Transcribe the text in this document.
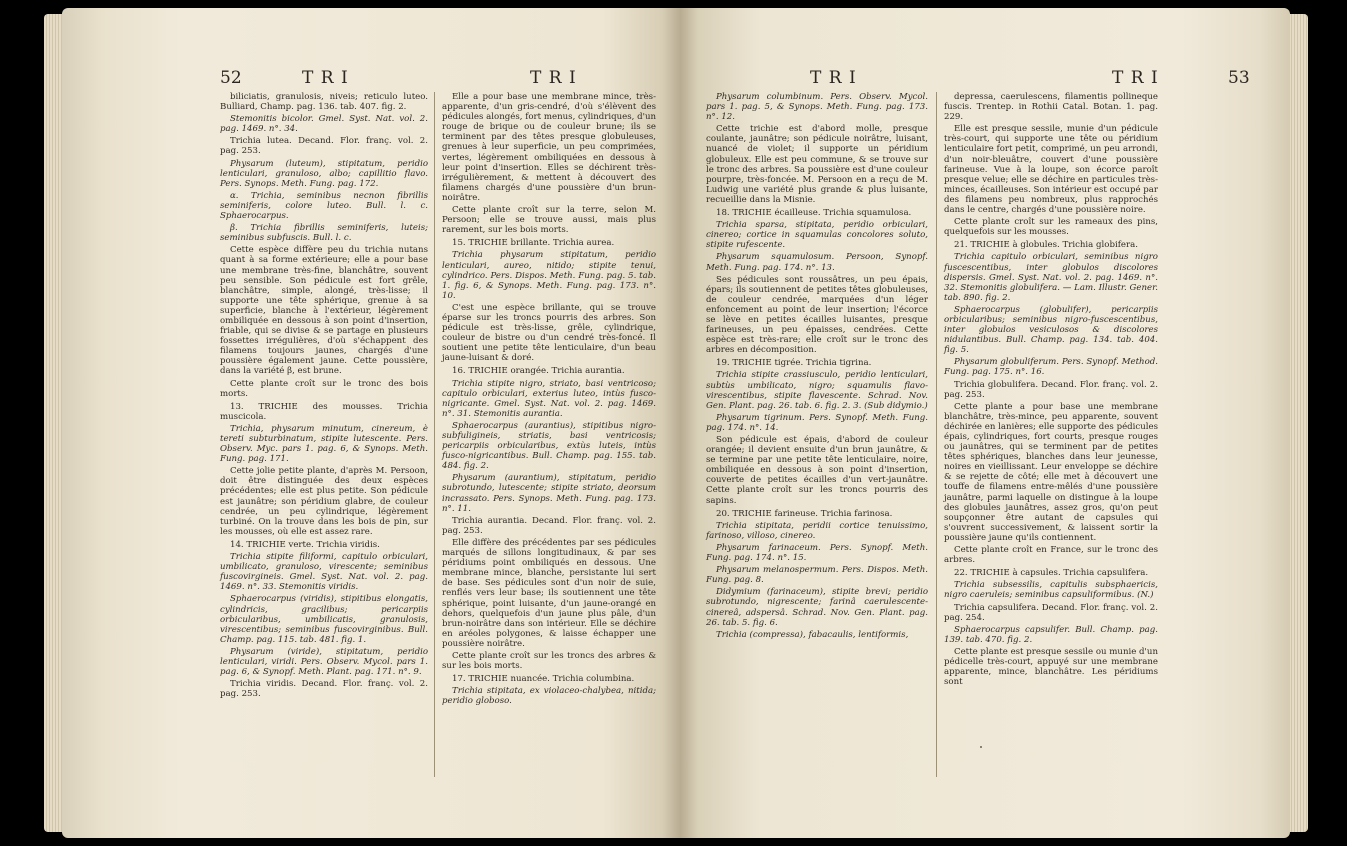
52	T R I	T R I

biliciatis, granulosis, niveis; reticulo luteo. Bulliard, Champ. pag. 136. tab. 407. fig. 2.

Stemonitis bicolor. Gmel. Syst. Nat. vol. 2. pag. 1469. n°. 34.

Trichia lutea. Decand. Flor. franç. vol. 2. pag. 253.

Physarum (luteum), stipitatum, peridio lenticulari, granuloso, albo; capillitio flavo. Pers. Synops. Meth. Fung. pag. 172.

α. Trichia, seminibus necnon fibrillis seminiferis, colore luteo. Bull. l. c. Sphaerocarpus.

β. Trichia fibrillis seminiferis, luteis; seminibus subfuscis. Bull. l. c.

Cette espèce diffère peu du trichia nutans quant à sa forme extérieure; elle a pour base une membrane très-fine, blanchâtre, souvent peu sensible. Son pédicule est fort grêle, blanchâtre, simple, alongé, très-lisse; il supporte une tête sphérique, grenue à sa superficie, blanche à l'extérieur, légèrement ombiliquée en dessous à son point d'insertion, friable, qui se divise & se partage en plusieurs fossettes irrégulières, d'où s'échappent des filamens toujours jaunes, chargés d'une poussière également jaune. Cette poussière, dans la variété β, est brune.

Cette plante croît sur le tronc des bois morts.

13. TRICHIE des mousses. Trichia muscicola.

Trichia, physarum minutum, cinereum, è tereti subturbinatum, stipite lutescente. Pers. Observ. Myc. pars 1. pag. 6, & Synops. Meth. Fung. pag. 171.

Cette jolie petite plante, d'après M. Persoon, doit être distinguée des deux espèces précédentes; elle est plus petite. Son pédicule est jaunâtre; son péridium glabre, de couleur cendrée, un peu cylindrique, légèrement turbiné. On la trouve dans les bois de pin, sur les mousses, où elle est assez rare.

14. TRICHIE verte. Trichia viridis.

Trichia stipite filiformi, capitulo orbiculari, umbilicato, granuloso, virescente; seminibus fuscovirgineis. Gmel. Syst. Nat. vol. 2. pag. 1469. n°. 33. Stemonitis viridis.

Sphaerocarpus (viridis), stipitibus elongatis, cylindricis, gracilibus; pericarpiis orbicularibus, umbilicatis, granulosis, virescentibus; seminibus fuscovirginibus. Bull. Champ. pag. 115. tab. 481. fig. 1.

Physarum (viride), stipitatum, peridio lenticulari, viridi. Pers. Observ. Mycol. pars 1. pag. 6, & Synopf. Meth. Plant. pag. 171. n°. 9.

Trichia viridis. Decand. Flor. franç. vol. 2. pag. 253.

Elle a pour base une membrane mince, très-apparente, d'un gris-cendré, d'où s'élèvent des pédicules alongés, fort menus, cylindriques, d'un rouge de brique ou de couleur brune; ils se terminent par des têtes presque globuleuses, grenues à leur superficie, un peu comprimées, vertes, légèrement ombiliquées en dessous à leur point d'insertion. Elles se déchirent très-irrégulièrement, & mettent à découvert des filamens chargés d'une poussière d'un brun-noirâtre.

Cette plante croît sur la terre, selon M. Persoon; elle se trouve aussi, mais plus rarement, sur les bois morts.

15. TRICHIE brillante. Trichia aurea.

Trichia physarum stipitatum, peridio lenticulari, aureo, nitido; stipite tenui, cylindrico. Pers. Dispos. Meth. Fung. pag. 5. tab. 1. fig. 6, & Synops. Meth. Fung. pag. 173. n°. 10.

C'est une espèce brillante, qui se trouve éparse sur les troncs pourris des arbres. Son pédicule est très-lisse, grêle, cylindrique, couleur de bistre ou d'un cendré très-foncé. Il soutient une petite tête lenticulaire, d'un beau jaune-luisant & doré.

16. TRICHIE orangée. Trichia aurantia.

Trichia stipite nigro, striato, basi ventricoso; capitulo orbiculari, exterius luteo, intùs fusco-nigricante. Gmel. Syst. Nat. vol. 2. pag. 1469. n°. 31. Stemonitis aurantia.

Sphaerocarpus (aurantius), stipitibus nigro-subfuligineis, striatis, basi ventricosis; pericarpiis orbicularibus, extùs luteis, intùs fusco-nigricantibus. Bull. Champ. pag. 155. tab. 484. fig. 2.

Physarum (aurantium), stipitatum, peridio subrotundo, lutescente; stipite striato, deorsum incrassato. Pers. Synops. Meth. Fung. pag. 173. n°. 11.

Trichia aurantia. Decand. Flor. franç. vol. 2. pag. 253.

Elle diffère des précédentes par ses pédicules marqués de sillons longitudinaux, & par ses péridiums point ombiliqués en dessous. Une membrane mince, blanche, persistante lui sert de base. Ses pédicules sont d'un noir de suie, renflés vers leur base; ils soutiennent une tête sphérique, point luisante, d'un jaune-orangé en dehors, quelquefois d'un jaune plus pâle, d'un brun-noirâtre dans son intérieur. Elle se déchire en aréoles polygones, & laisse échapper une poussière noirâtre.

Cette plante croît sur les troncs des arbres & sur les bois morts.

17. TRICHIE nuancée. Trichia columbina.

Trichia stipitata, ex violaceo-chalybea, nitida; peridio globoso.

T R I	T R I	53

Physarum columbinum. Pers. Observ. Mycol. pars 1. pag. 5, & Synops. Meth. Fung. pag. 173. n°. 12.

Cette trichie est d'abord molle, presque coulante, jaunâtre; son pédicule noirâtre, luisant, nuancé de violet; il supporte un péridium globuleux. Elle est peu commune, & se trouve sur le tronc des arbres. Sa poussière est d'une couleur pourpre, très-foncée. M. Persoon en a reçu de M. Ludwig une variété plus grande & plus luisante, recueillie dans la Misnie.

18. TRICHIE écailleuse. Trichia squamulosa.

Trichia sparsa, stipitata, peridio orbiculari, cinereo; cortice in squamulas concolores soluto, stipite rufescente.

Physarum squamulosum. Persoon, Synopf. Meth. Fung. pag. 174. n°. 13.

Ses pédicules sont roussâtres, un peu épais, épars; ils soutiennent de petites têtes globuleuses, de couleur cendrée, marquées d'un léger enfoncement au point de leur insertion; l'écorce se lève en petites écailles luisantes, presque farineuses, un peu épaisses, cendrées. Cette espèce est très-rare; elle croît sur le tronc des arbres en décomposition.

19. TRICHIE tigrée. Trichia tigrina.

Trichia stipite crassiusculo, peridio lenticulari, subtùs umbilicato, nigro; squamulis flavo-virescentibus, stipite flavescente. Schrad. Nov. Gen. Plant. pag. 26. tab. 6. fig. 2. 3. (Sub didymio.)

Physarum tigrinum. Pers. Synopf. Meth. Fung. pag. 174. n°. 14.

Son pédicule est épais, d'abord de couleur orangée; il devient ensuite d'un brun jaunâtre, & se termine par une petite tête lenticulaire, noire, ombiliquée en dessous à son point d'insertion, couverte de petites écailles d'un vert-jaunâtre. Cette plante croît sur les troncs pourris des sapins.

20. TRICHIE farineuse. Trichia farinosa.

Trichia stipitata, peridii cortice tenuissimo, farinoso, villoso, cinereo.

Physarum farinaceum. Pers. Synopf. Meth. Fung. pag. 174. n°. 15.

Physarum melanospermum. Pers. Dispos. Meth. Fung. pag. 8.

Didymium (farinaceum), stipite brevi; peridio subrotundo, nigrescente; farinâ caerulescente-cinereâ, adspersâ. Schrad. Nov. Gen. Plant. pag. 26. tab. 5. fig. 6.

Trichia (compressa), fabacaulis, lentiformis,

depressa, caerulescens, filamentis pollineque fuscis. Trentep. in Rothii Catal. Botan. 1. pag. 229.

Elle est presque sessile, munie d'un pédicule très-court, qui supporte une tête ou péridium lenticulaire fort petit, comprimé, un peu arrondi, d'un noir-bleuâtre, couvert d'une poussière farineuse. Vue à la loupe, son écorce paroît presque velue; elle se déchire en particules très-minces, écailleuses. Son intérieur est occupé par des filamens peu nombreux, plus rapprochés dans le centre, chargés d'une poussière noire.

Cette plante croît sur les rameaux des pins, quelquefois sur les mousses.

21. TRICHIE à globules. Trichia globifera.

Trichia capitulo orbiculari, seminibus nigro fuscescentibus, inter globulos discolores dispersis. Gmel. Syst. Nat. vol. 2. pag. 1469. n°. 32. Stemonitis globulifera. — Lam. Illustr. Gener. tab. 890. fig. 2.

Sphaerocarpus (globulifer), pericarpiis orbicularibus; seminibus nigro-fuscescentibus, inter globulos vesiculosos & discolores nidulantibus. Bull. Champ. pag. 134. tab. 404. fig. 5.

Physarum globuliferum. Pers. Synopf. Method. Fung. pag. 175. n°. 16.

Trichia globulifera. Decand. Flor. franç. vol. 2. pag. 253.

Cette plante a pour base une membrane blanchâtre, très-mince, peu apparente, souvent déchirée en lanières; elle supporte des pédicules épais, cylindriques, fort courts, presque rouges ou jaunâtres, qui se terminent par de petites têtes sphériques, blanches dans leur jeunesse, noires en vieillissant. Leur enveloppe se déchire & se rejette de côté; elle met à découvert une touffe de filamens entre-mêlés d'une poussière jaunâtre, parmi laquelle on distingue à la loupe des globules jaunâtres, assez gros, qu'on peut soupçonner être autant de capsules qui s'ouvrent successivement, & laissent sortir la poussière jaune qu'ils contiennent.

Cette plante croît en France, sur le tronc des arbres.

22. TRICHIE à capsules. Trichia capsulifera.

Trichia subsessilis, capitulis subsphaericis, nigro caeruleis; seminibus capsuliformibus. (N.)

Trichia capsulifera. Decand. Flor. franç. vol. 2. pag. 254.

Sphaerocarpus capsulifer. Bull. Champ. pag. 139. tab. 470. fig. 2.

Cette plante est presque sessile ou munie d'un pédicelle très-court, appuyé sur une membrane apparente, mince, blanchâtre. Les péridiums sont
